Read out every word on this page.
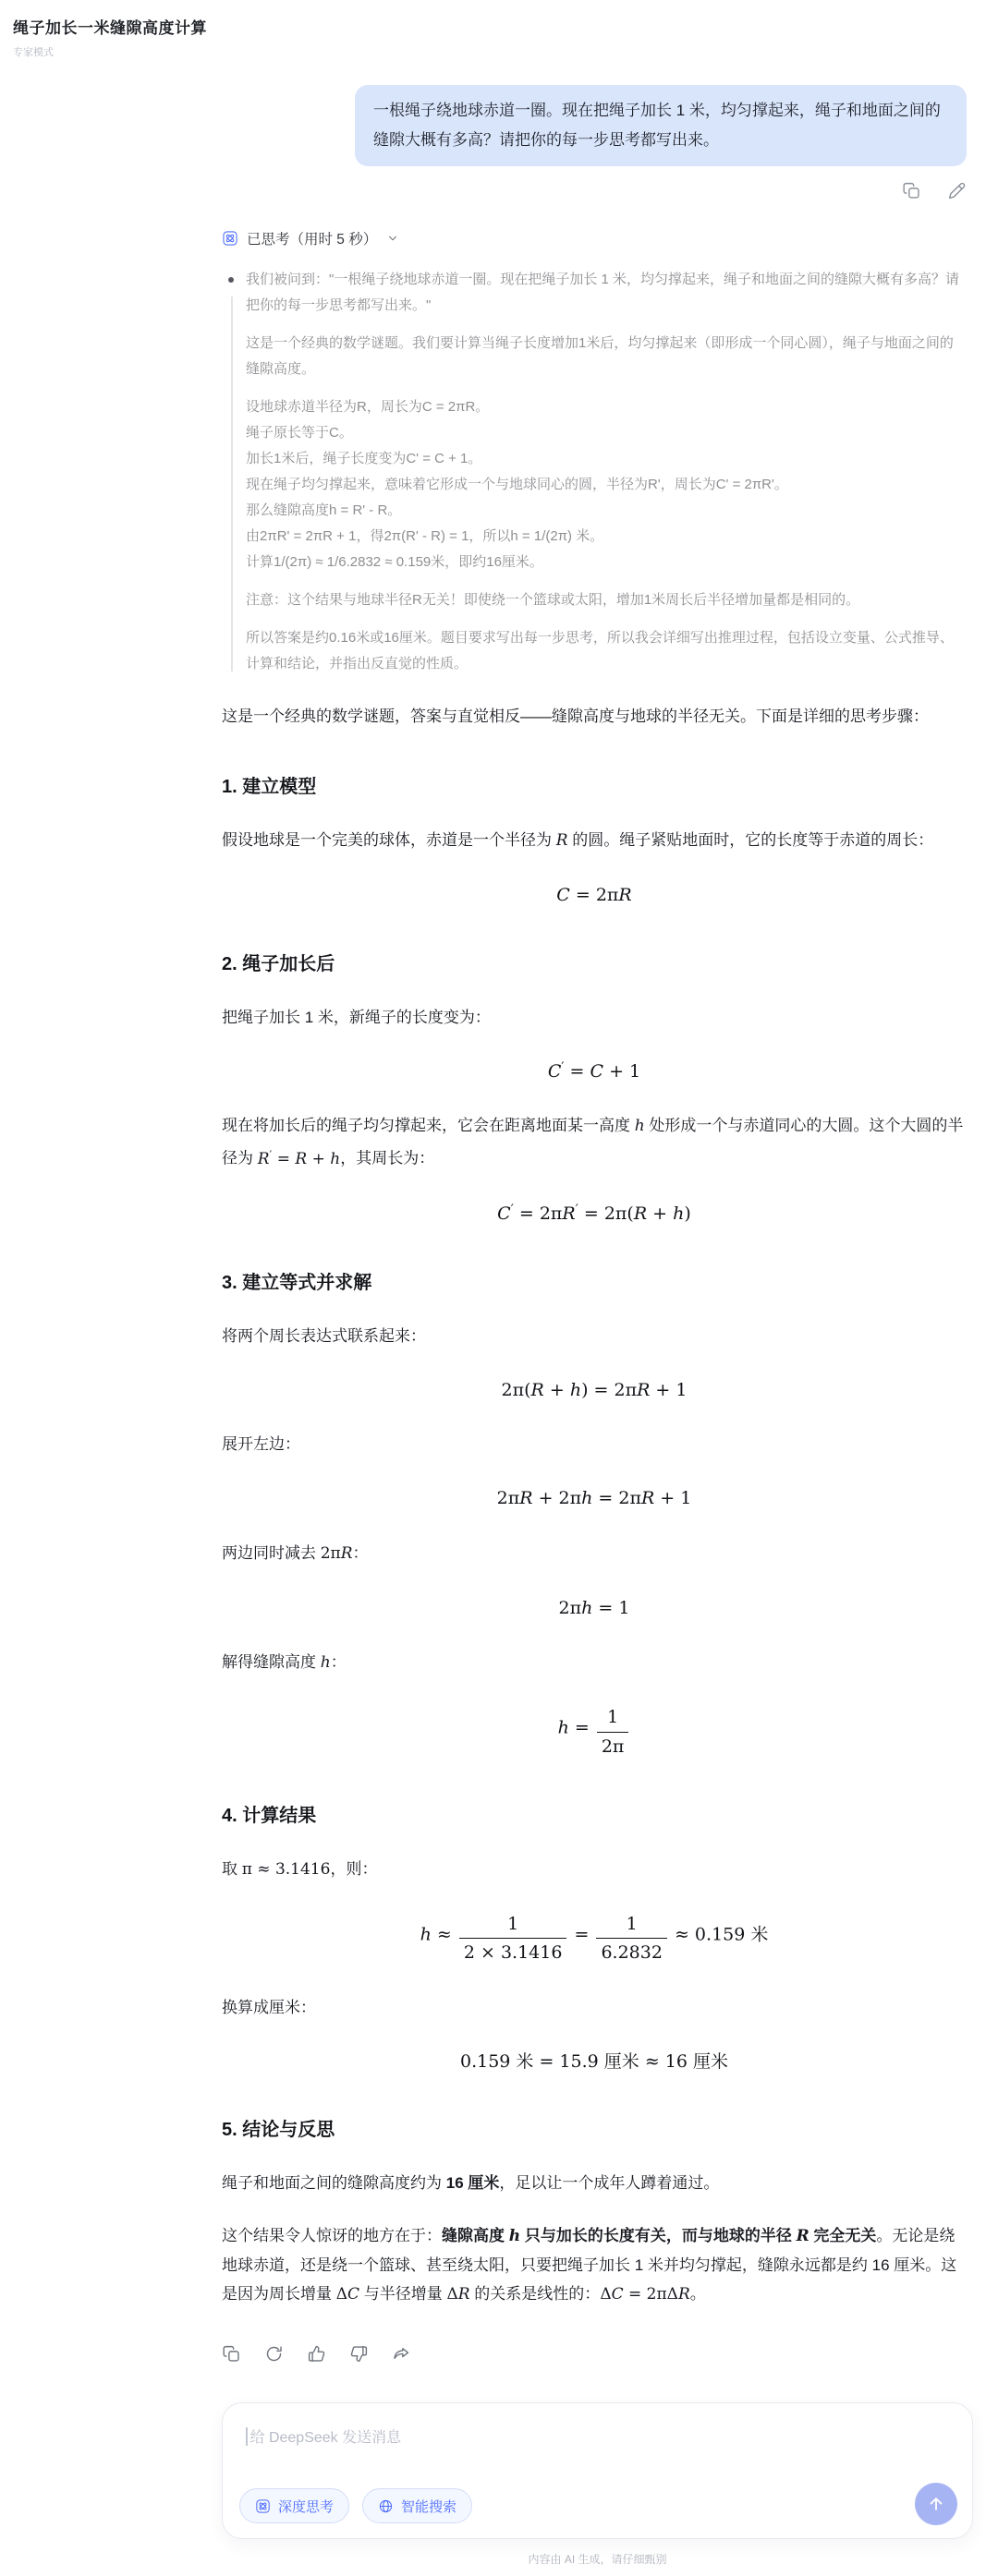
绳子加长一米缝隙高度计算
专家模式
一根绳子绕地球赤道一圈。现在把绳子加长 1 米，均匀撑起来，绳子和地面之间的缝隙大概有多高？请把你的每一步思考都写出来。
已思考（用时 5 秒）
我们被问到："一根绳子绕地球赤道一圈。现在把绳子加长 1 米，均匀撑起来，绳子和地面之间的缝隙大概有多高？请把你的每一步思考都写出来。"
这是一个经典的数学谜题。我们要计算当绳子长度增加1米后，均匀撑起来（即形成一个同心圆），绳子与地面之间的缝隙高度。
设地球赤道半径为R，周长为C = 2πR。
绳子原长等于C。
加长1米后，绳子长度变为C' = C + 1。
现在绳子均匀撑起来，意味着它形成一个与地球同心的圆，半径为R'，周长为C' = 2πR'。
那么缝隙高度h = R' - R。
由2πR' = 2πR + 1，得2π(R' - R) = 1，所以h = 1/(2π) 米。
计算1/(2π) ≈ 1/6.2832 ≈ 0.159米，即约16厘米。
注意：这个结果与地球半径R无关！即使绕一个篮球或太阳，增加1米周长后半径增加量都是相同的。
所以答案是约0.16米或16厘米。题目要求写出每一步思考，所以我会详细写出推理过程，包括设立变量、公式推导、计算和结论，并指出反直觉的性质。

这是一个经典的数学谜题，答案与直觉相反——缝隙高度与地球的半径无关。下面是详细的思考步骤：

1. 建立模型

假设地球是一个完美的球体，赤道是一个半径为 R 的圆。绳子紧贴地面时，它的长度等于赤道的周长：

C = 2πR
2. 绳子加长后

把绳子加长 1 米，新绳子的长度变为：

C′ = C + 1

现在将加长后的绳子均匀撑起来，它会在距离地面某一高度 h 处形成一个与赤道同心的大圆。这个大圆的半径为 R′ = R + h，其周长为：

C′ = 2πR′ = 2π(R + h)
3. 建立等式并求解

将两个周长表达式联系起来：

2π(R + h) = 2πR + 1

展开左边：

2πR + 2πh = 2πR + 1

两边同时减去 2πR：

2πh = 1

解得缝隙高度 h：

$h = \frac{1}{2\pi}$
4. 计算结果

取 π ≈ 3.1416，则：

$h \approx \frac{1}{2 \times 3.1416} = \frac{1}{6.2832} \approx 0.159$ 米

换算成厘米：

0.159 米 = 15.9 厘米 ≈ 16 厘米
5. 结论与反思

绳子和地面之间的缝隙高度约为 16 厘米，足以让一个成年人蹲着通过。

这个结果令人惊讶的地方在于：缝隙高度 h 只与加长的长度有关，而与地球的半径 R 完全无关。无论是绕地球赤道，还是绕一个篮球、甚至绕太阳，只要把绳子加长 1 米并均匀撑起，缝隙永远都是约 16 厘米。这是因为周长增量 ΔC 与半径增量 ΔR 的关系是线性的：ΔC = 2πΔR。

给 DeepSeek 发送消息
深度思考	智能搜索
内容由 AI 生成，请仔细甄别
